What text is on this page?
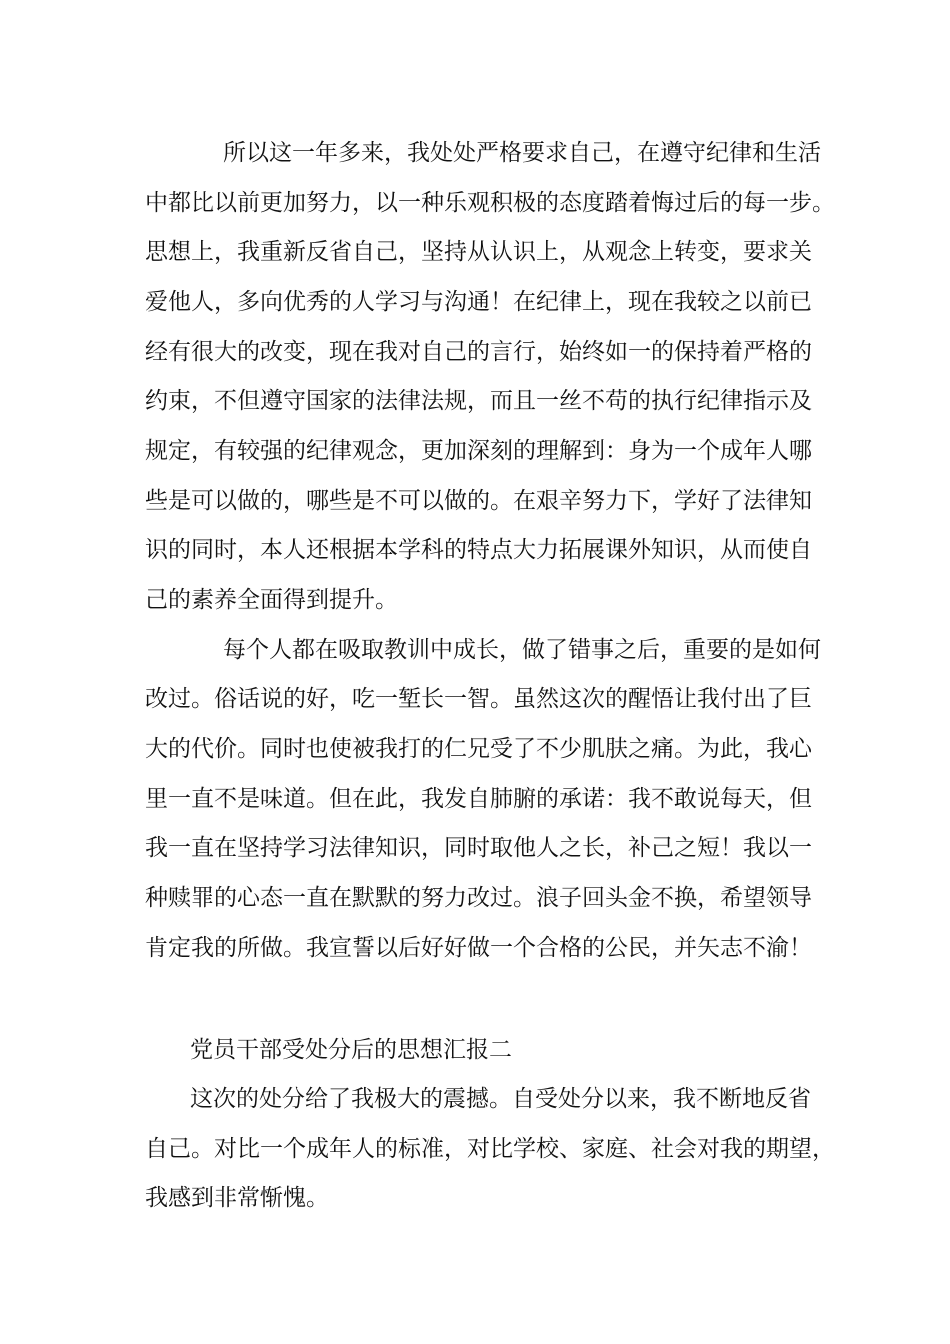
所以这一年多来，我处处严格要求自己，在遵守纪律和生活
中都比以前更加努力，以一种乐观积极的态度踏着悔过后的每一步。
思想上，我重新反省自己，坚持从认识上，从观念上转变，要求关
爱他人，多向优秀的人学习与沟通！在纪律上，现在我较之以前已
经有很大的改变，现在我对自己的言行，始终如一的保持着严格的
约束，不但遵守国家的法律法规，而且一丝不苟的执行纪律指示及
规定，有较强的纪律观念，更加深刻的理解到：身为一个成年人哪
些是可以做的，哪些是不可以做的。在艰辛努力下，学好了法律知
识的同时，本人还根据本学科的特点大力拓展课外知识，从而使自
己的素养全面得到提升。
每个人都在吸取教训中成长，做了错事之后，重要的是如何
改过。俗话说的好，吃一堑长一智。虽然这次的醒悟让我付出了巨
大的代价。同时也使被我打的仁兄受了不少肌肤之痛。为此，我心
里一直不是味道。但在此，我发自肺腑的承诺：我不敢说每天，但
我一直在坚持学习法律知识，同时取他人之长，补己之短！我以一
种赎罪的心态一直在默默的努力改过。浪子回头金不换，希望领导
肯定我的所做。我宣誓以后好好做一个合格的公民，并矢志不渝！
党员干部受处分后的思想汇报二
这次的处分给了我极大的震撼。自受处分以来，我不断地反省
自己。对比一个成年人的标准，对比学校、家庭、社会对我的期望，
我感到非常惭愧。
